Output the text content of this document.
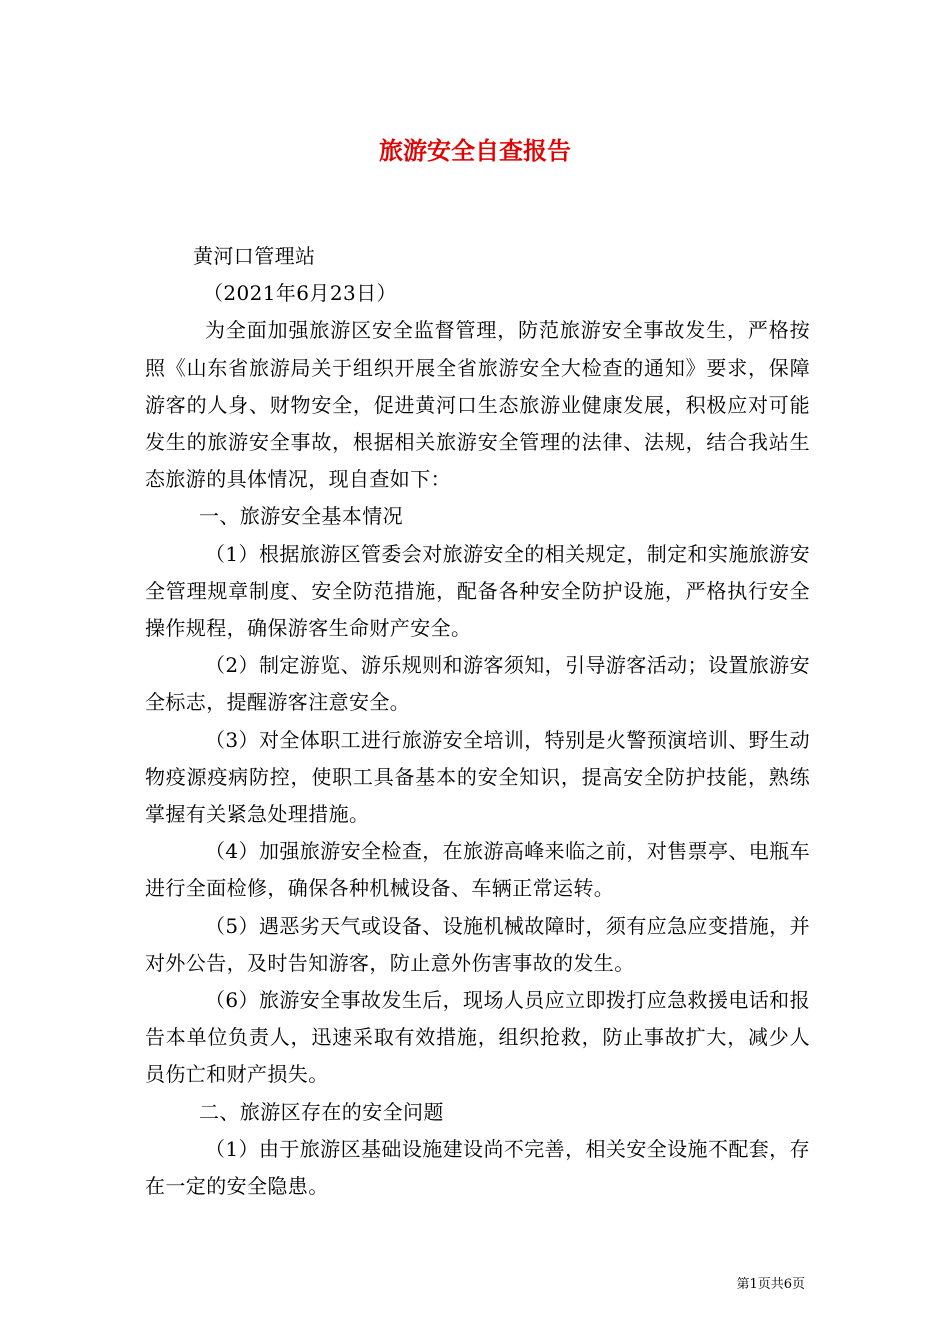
旅游安全自查报告

黄河口管理站

（2021年6月23日）

为全面加强旅游区安全监督管理，防范旅游安全事故发生，严格按照《山东省旅游局关于组织开展全省旅游安全大检查的通知》要求，保障游客的人身、财物安全，促进黄河口生态旅游业健康发展，积极应对可能发生的旅游安全事故，根据相关旅游安全管理的法律、法规，结合我站生态旅游的具体情况，现自查如下：

一、旅游安全基本情况

（1）根据旅游区管委会对旅游安全的相关规定，制定和实施旅游安全管理规章制度、安全防范措施，配备各种安全防护设施，严格执行安全操作规程，确保游客生命财产安全。

（2）制定游览、游乐规则和游客须知，引导游客活动；设置旅游安全标志，提醒游客注意安全。

（3）对全体职工进行旅游安全培训，特别是火警预演培训、野生动物疫源疫病防控，使职工具备基本的安全知识，提高安全防护技能，熟练掌握有关紧急处理措施。

（4）加强旅游安全检查，在旅游高峰来临之前，对售票亭、电瓶车进行全面检修，确保各种机械设备、车辆正常运转。

（5）遇恶劣天气或设备、设施机械故障时，须有应急应变措施，并对外公告，及时告知游客，防止意外伤害事故的发生。

（6）旅游安全事故发生后，现场人员应立即拨打应急救援电话和报告本单位负责人，迅速采取有效措施，组织抢救，防止事故扩大，减少人员伤亡和财产损失。

二、旅游区存在的安全问题

（1）由于旅游区基础设施建设尚不完善，相关安全设施不配套，存在一定的安全隐患。

第1页共6页
